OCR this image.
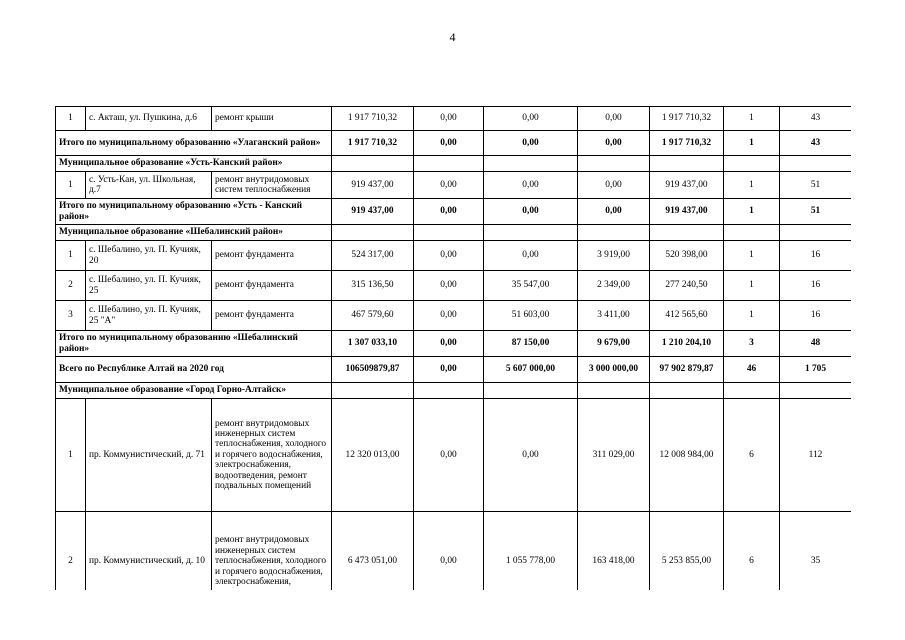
4
1	с. Акташ, ул. Пушкина, д.6	ремонт крыши	1 917 710,32	0,00	0,00	0,00	1 917 710,32	1	43
Итого по муниципальному образованию «Улаганский район»			1 917 710,32	0,00	0,00	0,00	1 917 710,32	1	43
Муниципальное образование «Усть-Канский район»									
1	с. Усть-Кан, ул. Школьная, д.7	ремонт внутридомовых систем теплоснабжения	919 437,00	0,00	0,00	0,00	919 437,00	1	51
Итого по муниципальному образованию «Усть - Канский район»			919 437,00	0,00	0,00	0,00	919 437,00	1	51
Муниципальное образование «Шебалинский район»									
1	с. Шебалино, ул. П. Кучияк, 20	ремонт фундамента	524 317,00	0,00	0,00	3 919,00	520 398,00	1	16
2	с. Шебалино, ул. П. Кучияк, 25	ремонт фундамента	315 136,50	0,00	35 547,00	2 349,00	277 240,50	1	16
3	с. Шебалино, ул. П. Кучияк, 25 "А"	ремонт фундамента	467 579,60	0,00	51 603,00	3 411,00	412 565,60	1	16
Итого по муниципальному образованию «Шебалинский район»			1 307 033,10	0,00	87 150,00	9 679,00	1 210 204,10	3	48
Всего по Республике Алтай на 2020 год			106509879,87	0,00	5 607 000,00	3 000 000,00	97 902 879,87	46	1 705
Муниципальное образование «Город Горно-Алтайск»									
1	пр. Коммунистический, д. 71	ремонт внутридомовых инженерных систем теплоснабжения, холодного и горячего водоснабжения, электроснабжения, водоотведения, ремонт подвальных помещений	12 320 013,00	0,00	0,00	311 029,00	12 008 984,00	6	112
2	пр. Коммунистический, д. 10	ремонт внутридомовых инженерных систем теплоснабжения, холодного и горячего водоснабжения, электроснабжения,	6 473 051,00	0,00	1 055 778,00	163 418,00	5 253 855,00	6	35
